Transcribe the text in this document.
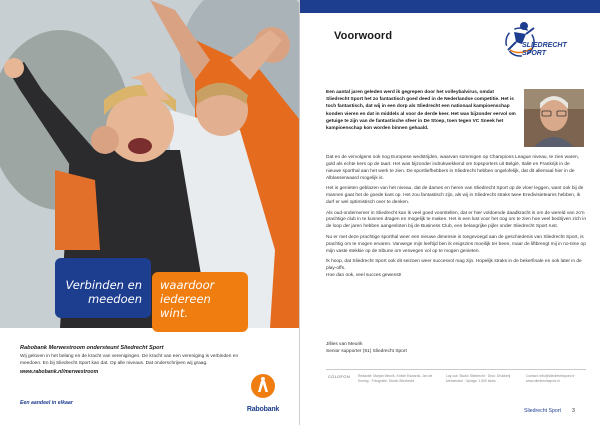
Verbinden en meedoen
waardoor iedereen wint.
Rabobank Merwestroom ondersteunt Sliedrecht Sport
Wij geloven in het belang en de kracht van verenigingen. De kracht van een vereniging is verbinden en meedoen. En bij Sliedrecht Sport kan dat. Op alle niveaus. Dat onderschrijven wij graag.
www.rabobank.nl/merwestroom
Een aandeel in elkaar
Rabobank
Voorwoord
SLIEDRECHT
SPORT
Een aantal jaren geleden werd ik gegrepen door het volleybalvirus, omdat Sliedrecht Sport het zo fantastisch goed deed in de Nederlandse competitie. Het is toch fantastisch, dat wij in een dorp als Sliedrecht een nationaal kampioenschap konden vieren en dat in middels al voor de derde keer. Het was bijzonder eervol om getuige te zijn van de fantastische sfeer in De Stoep, toen tegen VC Sneek het kampioenschap kon worden binnen gehaald.

Dat en de vervolgens ook nog Europese wedstrijden, waarvan sommigen op Champions League niveau, te zien waren, gold als echte kers op de taart. Het was bijzonder indrukwekkend om topsporters uit België, Italië en Frankrijk in de nieuwe sporthal aan het werk te zien. De sportliefhebbers in Sliedrecht hebben ongelofelijk, dat dit allemaal hier in de Alblasserwaard mogelijk is.

Het is genieten geblazen van het niveau, dat de dames en heren van Sliedrecht Sport op de vloer leggen, want ook bij de mannen gaat het de goede kant op. Het zou fantastisch zijn, als wij in Sliedrecht straks twee Eredivisieteams hebben, ik durf er wel optimistisch over te denken.

Als oud-ondernemer in Sliedrecht kan ik veel goed voorstellen, dat er hier voldoende daadkracht is om de wereld van zo'n prachtige club in te kunnen dragen en mogelijk te maken. Het is een lust voor het oog om te zien hoe veel bedrijven zich in de loop der jaren hebben aangesloten bij de Business Club, een belangrijke pijler onder Sliedrecht Sport rust.

Nu er met deze prachtige sporthal weer een nieuwe dimensie is toegevoegd aan de geschiedenis van Sliedrecht Sport, is prachtig om te mogen ervaren. Vanwege mijn leeftijd ben ik enigszins moeilijk ter been, maar de liftbrengt mij in no-time op mijn vaste stekkie op de tribune om verwegen vol op te mogen genieten.

Ik hoop, dat Sliedrecht Sport ook dit seizoen weer succesvol mag zijn. Hopelijk straks in de bekerfinale en ook later in de play-offs.

Hoe dan ook, veel succes gewenst!

Jillies van Meurik
Senior supporter (91) Sliedrecht Sport
COLOFON Redactie: Marjan Meurik, Kristie Edwards, Jan de Koning · Fotografie: Studio Sliedrecht
Lay-out: Studio Sliedrecht · Druk: Drukkerij Merwestad · Oplage: 1.500 stuks
Contact: info@sliedrechtsport.nl · www.sliedrechtsport.nl
Sliedrecht Sport 3
